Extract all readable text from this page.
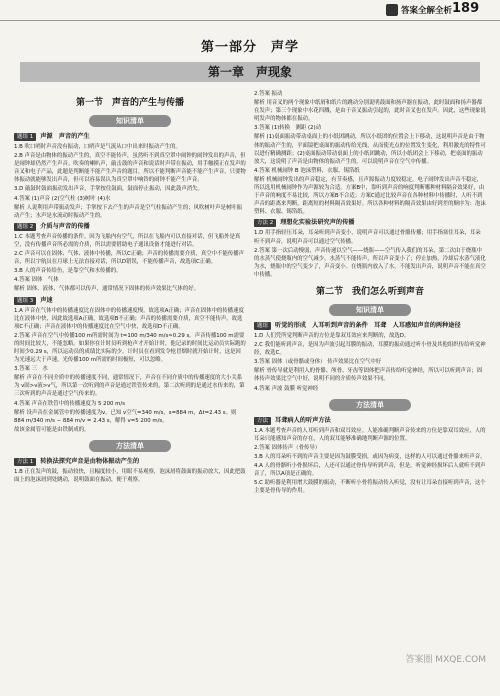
答案全解全析 189
第一部分　声学
第一章　声现象
第一节　声音的产生与传播
知识清单
题组 1	声源　声音的产生

1.B 吹口哨时声音没有振动，口哨声是气流从口中出来时振动产生的。

2.B 声音是由物体的振动产生的，真空不能传声，虽然听不到真空罩中闹钟的闹钟发出的声音，但是闹钟却仍然产生声音。吹奏的喇叭声，敲击鼓的声音和说话时声带在振动，用手触摸正在发声的音叉和电子产品，此题是判断能不能产生声音的题目，所以不能判断声音能不能产生声音，只要物体振动就能够发出声音，但可以容易误认为真空罩中响铃的闹钟不能产生声音。

3.D 敲鼓时鼓面振动发出声音，手掌按住鼓面，鼓面停止振动，因此鼓声消失。

4.答案 (1)声音 (2)空气柱 (3)树叶 (4)水

解析 人说利用声带振动发声；手掌按下去产生的声音是空气柱振动产生的；风吹树叶声是树叶振动产生；水声是水流动时振动产生的。

题组 2	介质与声音的传播

1.C 本题考查声音传播的条件。因为飞船内有空气，所以在飞船内可以直接对话，但飞船外是真空，没有传播声音所必需的介质，所以需要借助电子通讯设备才能进行对话。

2.C 声音可以在固体、气体、液体中传播，所以C正确；声音的传播需要介质，真空中不能传播声音，所以宇航员在月球上无法直接对话，所以D错误，不能传播声音，故选项C正确。

3.B 人的声音传给鱼，是靠空气和水传播的。

4.答案 固体　气体

解析 固体、液体、气体都可以传声，通常情况下固体的传声效果比气体的好。

题组 3	声速

1.A 声音在气体中的传播速度比在固体中的传播速度慢，故选项A正确；声音在固体中的传播速度比在液体中快，因此故选项A正确，故选项B不正确；声音的传播需要介质，真空不能传声，故选项C不正确；声音在液体中的传播速度比在空气中快，故选项D不正确。

2.答案 声音在空气中传播100 m所需时间为 t=100 m/340 m/s≈0.29 s。声音传播100 m需要的时间比较大，不能忽略。如果你在计时员听到枪声才开始计时，他记录的时间比运动员实际跑的时间少0.29 s，所以运动员的成绩比实际的少。计时员在看到发令枪冒烟时就开始计时，这是因为光速远大于声速，光传播100 m所需的时间极短，可以忽略。

3.答案 三　水

解析 声音在不同介质中的传播速度不同，通常情况下，声音在不同介质中的传播速度的大小关系为 v固>v液>v气，所以第一次听到的声音是通过铁管传来的，第二次听到的是通过水传来的，第三次听到的声音是通过空气传来的。

4.答案 声音在铁管中的传播速度为 5 200 m/s

解析 设声音在金属管中的传播速度为v，已知 v空气=340 m/s，s=884 m，Δt=2.43 s。则 884 m/340 m/s − 884 m/v = 2.43 s，解得 v=5 200 m/s。

故该金属管可能是由铁制成的。

方法清单
方法 1	转换法探究声音是由物体振动产生的

1.B 正在发声的鼓，振动较快，且幅度较小，用眼不易观察，泡沫屑将鼓面的振动放大，因此把鼓面上的泡沫屑到处跳动，说明鼓面在振动，便于观察。

2.答案 振动

解析 用音叉的两个现象中纸屑和纸片的跳动分别说明鼓面和扬声器在振动，此时鼓面和扬声器都在发声；第三个现象中水花四溅，是由于音叉振动引起的，此时音叉也在发声。因此，这些现象说明发声的物体都在振动。

3.答案 (1)转换　测距 (2)动

解析 (1)桌面振动带动桌面上的小纸团跳动，所以小纸团的位置会上下移动，这说明声音是由于物体的振动产生的，平面镜把桌面的振动传给光线，从而使光点的位置发生变化，利用激光的特性可以进行精确测距；(2)桌面振动带动桌面上的小纸团跳动，所以小纸团会上下移动，把桌面的振动放大，这说明了声音是由物体的振动产生的。可以说明声音在空气中传播。

4.答案 机械闹钟 B 泡沫塑料，衣服、锡箔纸

解析 机械闹钟发出的声音稳定，有节奏感，且声源振动力度较稳定。电子闹钟发出声音不稳定，所以选用机械闹钟作为声源较为合适。方案B中，靠听到声音的响度判断哪种材料隔音效果好，由于声音的响度不易比较，所以方案B不合适；方案C通过比较声音在各种材料中传播时，人听不到声音的距离来判断，距离短的材料隔音效果好。所以各种材料的隔音效果由好到差的顺序为：泡沫塑料、衣服、锡箔纸。

方法 2	理想化实验法研究声的传播

1.D 用手指轻压耳朵，耳朵听到声音变小，说明声音可以通过骨骼传播；用手指塞住耳朵，耳朵听不到声音，说明声音可以通过空气传播。

2.答案 第一次后动慢弱，声音传递以空气——烧瓶——空气传入我们的耳朵，第二次由于烧瓶中的水蒸气使烧瓶内的空气减少，水蒸气不能传声，所以声音变小了；停止加热，冷却后水蒸气液化为水，烧瓶中的空气变少了，声音变小。在烧瓶内放入了水，不能发出声音，说明声音不能在真空中传播。

第二节　我们怎么听到声音
知识清单
题组	听觉的形成　人耳听到声音的条件　耳聋　人耳感知声音的两种途径

1.D 人们凭所觉判断声音的方位是靠双耳效应来判断的，故选D。

2.C 我们能听到声音，是因为声波引起耳膜的振动，耳膜的振动通过听小骨及其他组织传给听觉神经，故选C。

3.答案 固体（或骨骼或身体） 传声效果比在空气中好

解析 骨传导就是利用人的骨骼、颅骨、牙齿等固体把声音传给听觉神经，所以可以听到声音；固体传声效果比空气中好，说明不同的介质传声效果不同。

4.答案 声波 鼓膜 听觉神经

方法清单
方法	耳聋病人的听声方法

1.A 本题考查声音的人耳听到声音和双耳效应。人能准确判断声音传来的方位是靠双耳效应，人的耳朵只能感知声音的存在，人的双耳能够准确地判断声源的位置。

2.答案 固体传声（骨传导）

3.B 人的耳朵听不到的声音主要是因为鼓膜受损，或因为病变，这样的人可以通过骨骼来听声音。

4.A 人的骨骼听小骨损坏后，人还可以通过骨传导听到声音，但是，听觉神经损坏后人就听不到声音了，所以A项是正确的。

5.C 助听器是利用增大鼓膜的振动，不断听小骨将振动传入听觉，没有让耳朵直接听到声音，这个主要是骨传导的作用。

答案圈 MXQE.COM
